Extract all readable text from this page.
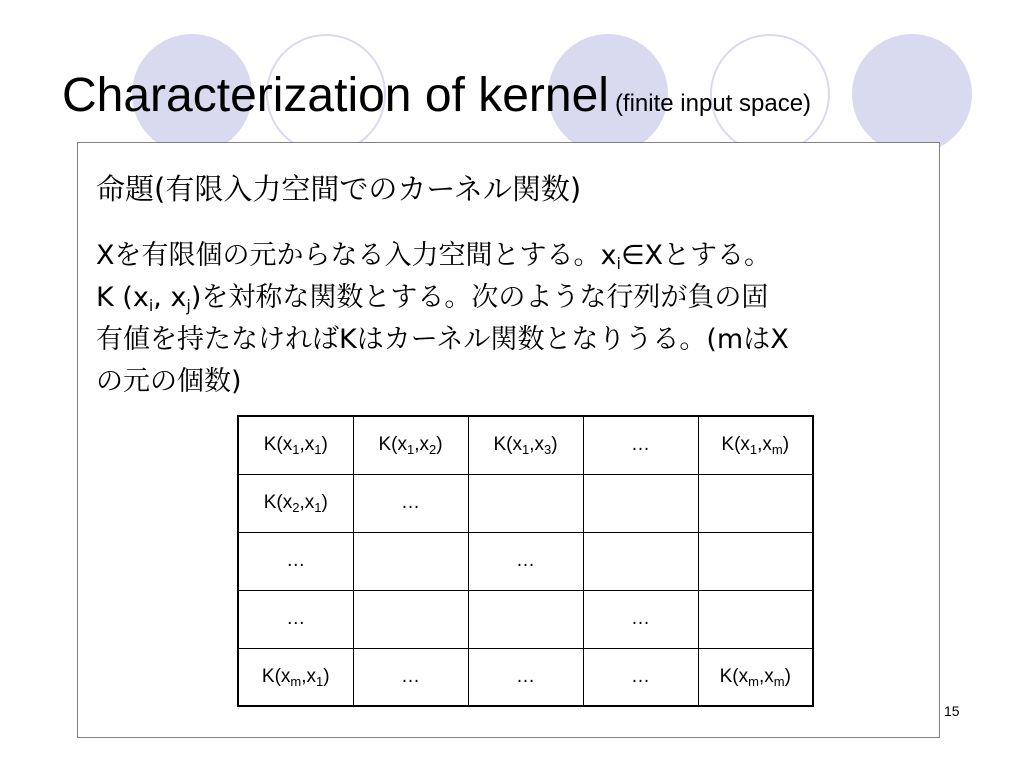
Characterization of kernel (finite input space)
命題(有限入力空間でのカーネル関数)
Xを有限個の元からなる入力空間とする。$x_i\in X$とする。
K ($x_i$, $x_j$)を対称な関数とする。次のような行列が負の固
有値を持たなければKはカーネル関数となりうる。(mはX
の元の個数)
$K(x_1,x_1)$	$K(x_1,x_2)$	$K(x_1,x_3)$	…	$K(x_1,x_m)$
$K(x_2,x_1)$	…			
…		…		
…			…	
$K(x_m,x_1)$	…	…	…	$K(x_m,x_m)$
15
